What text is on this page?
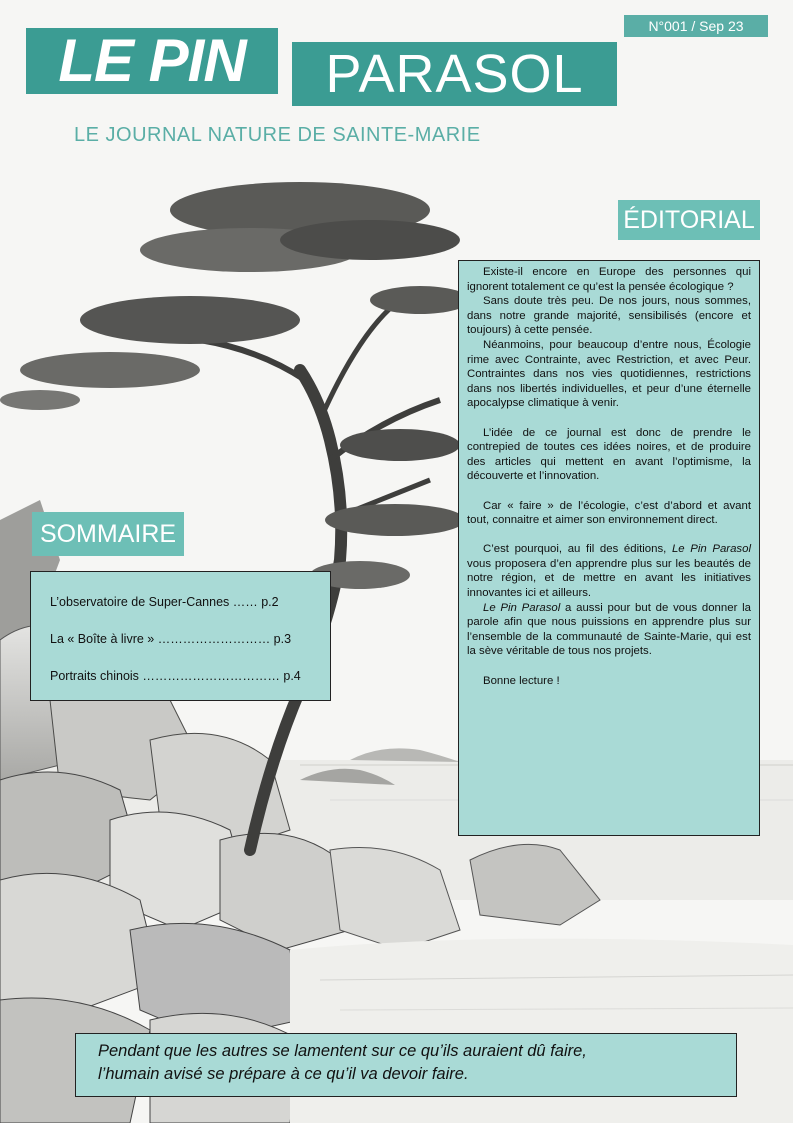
N°001 / Sep 23
LE PIN	PARASOL
LE JOURNAL NATURE DE SAINTE-MARIE
ÉDITORIAL

Existe-il encore en Europe des personnes qui ignorent totalement ce qu’est la pensée écologique ?

Sans doute très peu. De nos jours, nous sommes, dans notre grande majorité, sensibilisés (encore et toujours) à cette pensée.

Néanmoins, pour beaucoup d’entre nous, Écologie rime avec Contrainte, avec Restriction, et avec Peur. Contraintes dans nos vies quotidiennes, restrictions dans nos libertés individuelles, et peur d’une éternelle apocalypse climatique à venir.

L’idée de ce journal est donc de prendre le contrepied de toutes ces idées noires, et de produire des articles qui mettent en avant l’optimisme, la découverte et l’innovation.

Car « faire » de l’écologie, c’est d’abord et avant tout, connaitre et aimer son environnement direct.

C’est pourquoi, au fil des éditions, Le Pin Parasol vous proposera d’en apprendre plus sur les beautés de notre région, et de mettre en avant les initiatives innovantes ici et ailleurs.

Le Pin Parasol a aussi pour but de vous donner la parole afin que nous puissions en apprendre plus sur l’ensemble de la communauté de Sainte-Marie, qui est la sève véritable de tous nos projets.

Bonne lecture !

SOMMAIRE
L’observatoire de Super-Cannes …… p.2
La « Boîte à livre » ……………………… p.3
Portraits chinois …………………………… p.4
Pendant que les autres se lamentent sur ce qu’ils auraient dû faire,
l’humain avisé se prépare à ce qu’il va devoir faire.
